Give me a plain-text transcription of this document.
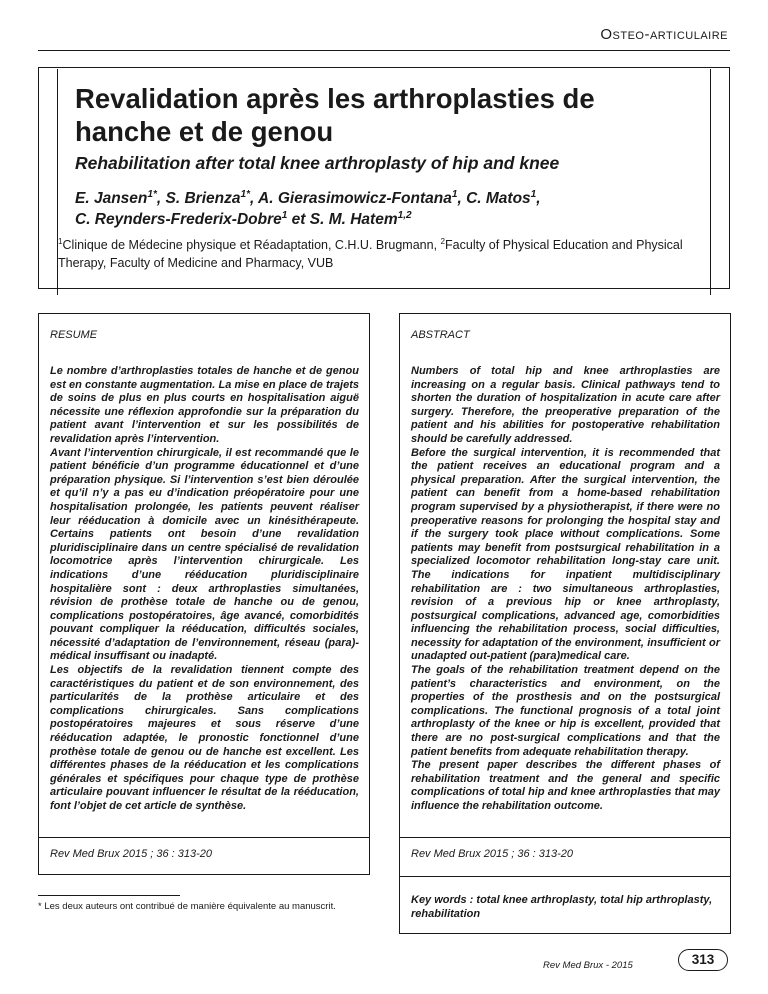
Osteo-articulaire
Revalidation après les arthroplasties de hanche et de genou
Rehabilitation after total knee arthroplasty of hip and knee
E. Jansen$^{1*}$, S. Brienza$^{1*}$, A. Gierasimowicz-Fontana$^1$, C. Matos$^1$,
C. Reynders-Frederix-Dobre$^1$ et S. M. Hatem$^{1,2}$
$^1$Clinique de Médecine physique et Réadaptation, C.H.U. Brugmann, $^2$Faculty of Physical Education and Physical Therapy, Faculty of Medicine and Pharmacy, VUB
RESUME

Le nombre d’arthroplasties totales de hanche et de genou est en constante augmentation. La mise en place de trajets de soins de plus en plus courts en hospitalisation aiguë nécessite une réflexion approfondie sur la préparation du patient avant l’intervention et sur les possibilités de revalidation après l’intervention.

Avant l’intervention chirurgicale, il est recommandé que le patient bénéficie d’un programme éducationnel et d’une préparation physique. Si l’intervention s’est bien déroulée et qu’il n’y a pas eu d’indication préopératoire pour une hospitalisation prolongée, les patients peuvent réaliser leur rééducation à domicile avec un kinésithérapeute. Certains patients ont besoin d’une revalidation pluridisciplinaire dans un centre spécialisé de revalidation locomotrice après l’intervention chirurgicale. Les indications d’une rééducation pluridisciplinaire hospitalière sont : deux arthroplasties simultanées, révision de prothèse totale de hanche ou de genou, complications postopératoires, âge avancé, comorbidités pouvant compliquer la rééducation, difficultés sociales, nécessité d’adaptation de l’environnement, réseau (para)-médical insuffisant ou inadapté.

Les objectifs de la revalidation tiennent compte des caractéristiques du patient et de son environnement, des particularités de la prothèse articulaire et des complications chirurgicales. Sans complications postopératoires majeures et sous réserve d’une rééducation adaptée, le pronostic fonctionnel d’une prothèse totale de genou ou de hanche est excellent. Les différentes phases de la rééducation et les complications générales et spécifiques pour chaque type de prothèse articulaire pouvant influencer le résultat de la rééducation, font l’objet de cet article de synthèse.

Rev Med Brux 2015 ; 36 : 313-20
ABSTRACT

Numbers of total hip and knee arthroplasties are increasing on a regular basis. Clinical pathways tend to shorten the duration of hospitalization in acute care after surgery. Therefore, the preoperative preparation of the patient and his abilities for postoperative rehabilitation should be carefully addressed.

Before the surgical intervention, it is recommended that the patient receives an educational program and a physical preparation. After the surgical intervention, the patient can benefit from a home-based rehabilitation program supervised by a physiotherapist, if there were no preoperative reasons for prolonging the hospital stay and if the surgery took place without complications. Some patients may benefit from postsurgical rehabilitation in a specialized locomotor rehabilitation long-stay care unit. The indications for inpatient multidisciplinary rehabilitation are : two simultaneous arthroplasties, revision of a previous hip or knee arthroplasty, postsurgical complications, advanced age, comorbidities influencing the rehabilitation process, social difficulties, necessity for adaptation of the environment, insufficient or unadapted out-patient (para)medical care.

The goals of the rehabilitation treatment depend on the patient’s characteristics and environment, on the properties of the prosthesis and on the postsurgical complications. The functional prognosis of a total joint arthroplasty of the knee or hip is excellent, provided that there are no post-surgical complications and that the patient benefits from adequate rehabilitation therapy.

The present paper describes the different phases of rehabilitation treatment and the general and specific complications of total hip and knee arthroplasties that may influence the rehabilitation outcome.

Rev Med Brux 2015 ; 36 : 313-20
Key words : total knee arthroplasty, total hip arthroplasty, rehabilitation
* Les deux auteurs ont contribué de manière équivalente au manuscrit.
Rev Med Brux - 2015	313
